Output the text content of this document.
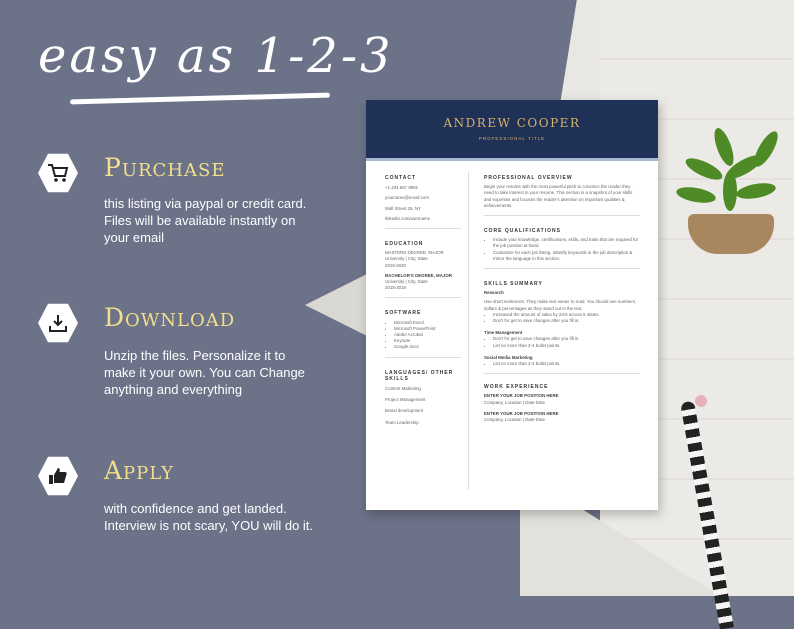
easy as 1-2-3
Purchase
this listing via paypal or credit card. Files will be available instantly on your email
Download
Unzip the files. Personalize it to make it your own. You can Change anything and everything
Apply
with confidence and get landed. Interview is not scary, YOU will do it.
ANDREW COOPER
PROFESSIONAL TITLE
CONTACT
+1 234 567 8901
yourname@email.com
Wall Street 25, NY
linkedin.com/username
EDUCATION
MASTERS DEGREE, MAJOR
University | City, State
2019-2020
BACHELOR'S DEGREE, MAJOR
University | City, State
2015-2018
SOFTWARE
• Microsoft Excel
• Microsoft PowerPoint
• Adobe Acrobat
• Keynote
• Google docs
LANGUAGES/ OTHER SKILLS
Content Marketing
Project Management
Brand development
Team Leadership
PROFESSIONAL OVERVIEW
Begin your resume with the most powerful pitch to convince the reader they need to take interest in your resume. This section is a snapshot of your skills and expertise and focuses the reader's attention on important qualities & achievements.
CORE QUALIFICATIONS
• Include your knowledge, certifications, skills, and traits that are required for the job position at hand.
• Customize for each job listing. Identify keywords in the job description & mirror the language in this section.
SKILLS SUMMARY
Research
Use short sentences. They make text easier to read. You should use numbers, dollars & percentages as they stand out in the text.
• Increased the amount of sales by 24% across 6 states.
• Don't for get to save changes after you fill in.
Time Management
• Don't for get to save changes after you fill in.
• List no more than 2-4 bullet points.
Social Media Marketing
• List no more than 2-4 bullet points.
WORK EXPERIENCE
ENTER YOUR JOB POSITION HERE
Company, Location | Date-Date
ENTER YOUR JOB POSITION HERE
Company, Location | Date-Date
